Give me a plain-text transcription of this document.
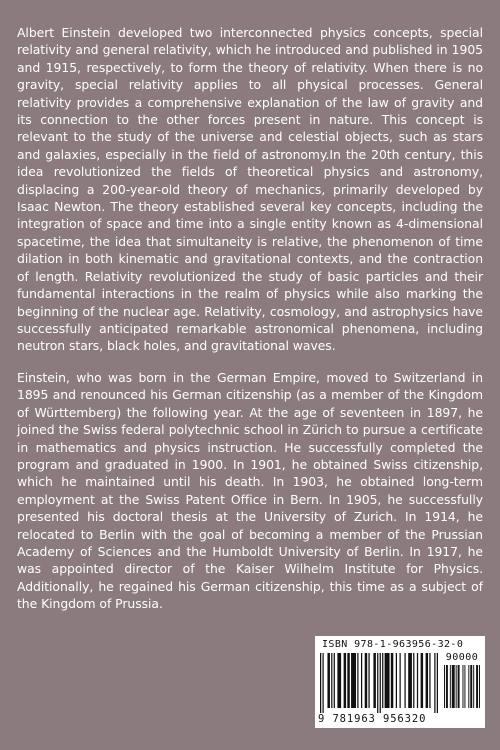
Albert Einstein developed two interconnected physics concepts, special relativity and general relativity, which he introduced and published in 1905 and 1915, respectively, to form the theory of relativity. When there is no gravity, special relativity applies to all physical processes. General relativity provides a comprehensive explanation of the law of gravity and its connection to the other forces present in nature. This concept is relevant to the study of the universe and celestial objects, such as stars and galaxies, especially in the field of astronomy.In the 20th century, this idea revolutionized the fields of theoretical physics and astronomy, displacing a 200-year-old theory of mechanics, primarily developed by Isaac Newton. The theory established several key concepts, including the integration of space and time into a single entity known as 4-dimensional spacetime, the idea that simultaneity is relative, the phenomenon of time dilation in both kinematic and gravitational contexts, and the contraction of length. Relativity revolutionized the study of basic particles and their fundamental interactions in the realm of physics while also marking the beginning of the nuclear age. Relativity, cosmology, and astrophysics have successfully anticipated remarkable astronomical phenomena, including neutron stars, black holes, and gravitational waves.

Einstein, who was born in the German Empire, moved to Switzerland in 1895 and renounced his German citizenship (as a member of the Kingdom of Württemberg) the following year. At the age of seventeen in 1897, he joined the Swiss federal polytechnic school in Zürich to pursue a certificate in mathematics and physics instruction. He successfully completed the program and graduated in 1900. In 1901, he obtained Swiss citizenship, which he maintained until his death. In 1903, he obtained long-term employment at the Swiss Patent Office in Bern. In 1905, he successfully presented his doctoral thesis at the University of Zurich. In 1914, he relocated to Berlin with the goal of becoming a member of the Prussian Academy of Sciences and the Humboldt University of Berlin. In 1917, he was appointed director of the Kaiser Wilhelm Institute for Physics. Additionally, he regained his German citizenship, this time as a subject of the Kingdom of Prussia.

ISBN 978-1-963956-32-0
90000
9 781963 956320
